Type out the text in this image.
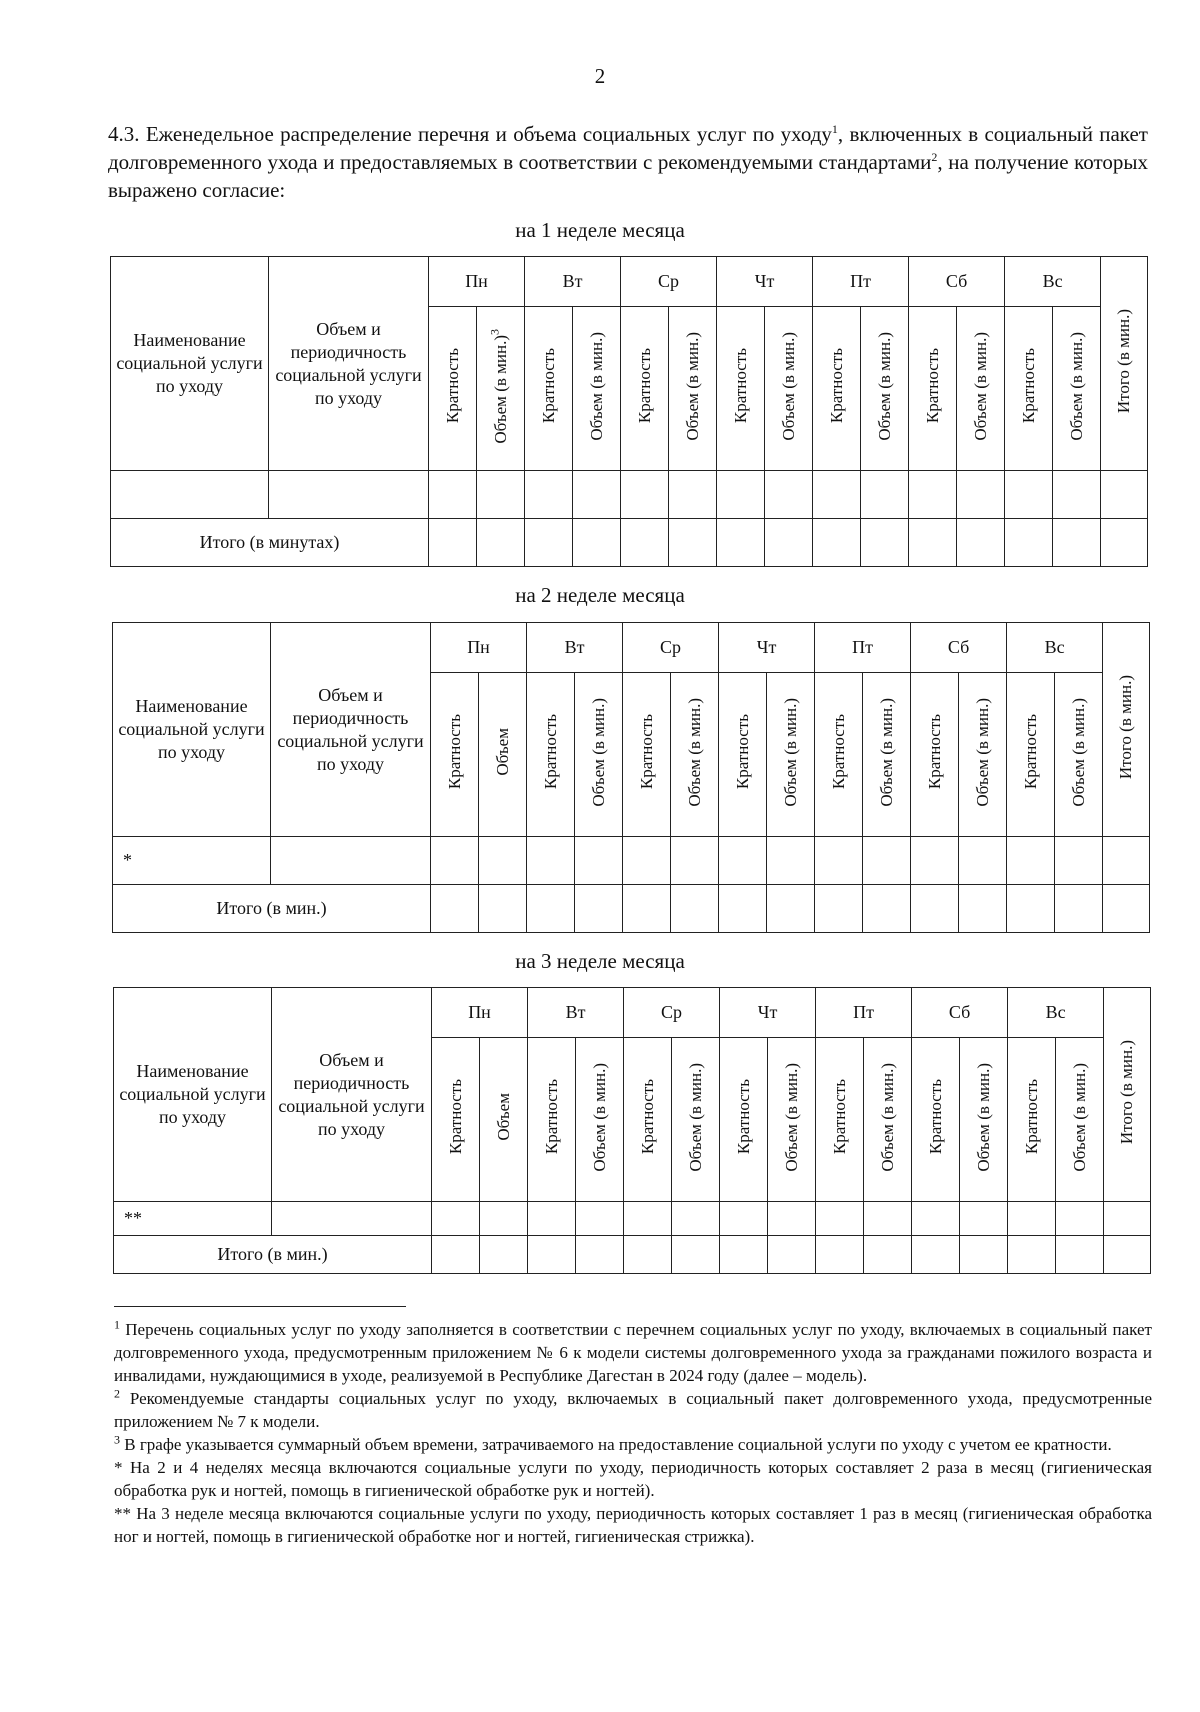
2
4.3. Еженедельное распределение перечня и объема социальных услуг по уходу$^1$, включенных в социальный пакет долговременного ухода и предоставляемых в соответствии с рекомендуемыми стандартами$^2$, на получение которых выражено согласие:
на 1 неделе месяца
Наименование социальной услуги по уходу	Объем и периодичность социальной услуги по уходу	Пн		Вт		Ср		Чт		Пт		Сб		Вс		Итого (в мин.)
		Кратность	Объем (в мин.)$^3$	Кратность	Объем (в мин.)	Кратность	Объем (в мин.)	Кратность	Объем (в мин.)	Кратность	Объем (в мин.)	Кратность	Объем (в мин.)	Кратность	Объем (в мин.)	

Итого (в минутах)																
на 2 неделе месяца
Наименование социальной услуги по уходу	Объем и периодичность социальной услуги по уходу	Пн		Вт		Ср		Чт		Пт		Сб		Вс		Итого (в мин.)
		Кратность	Объем	Кратность	Объем (в мин.)	Кратность	Объем (в мин.)	Кратность	Объем (в мин.)	Кратность	Объем (в мин.)	Кратность	Объем (в мин.)	Кратность	Объем (в мин.)	
*																
Итого (в мин.)																
на 3 неделе месяца
Наименование социальной услуги по уходу	Объем и периодичность социальной услуги по уходу	Пн		Вт		Ср		Чт		Пт		Сб		Вс		Итого (в мин.)
		Кратность	Объем	Кратность	Объем (в мин.)	Кратность	Объем (в мин.)	Кратность	Объем (в мин.)	Кратность	Объем (в мин.)	Кратность	Объем (в мин.)	Кратность	Объем (в мин.)	
**																
Итого (в мин.)																

$^1$ Перечень социальных услуг по уходу заполняется в соответствии с перечнем социальных услуг по уходу, включаемых в социальный пакет долговременного ухода, предусмотренным приложением № 6 к модели системы долговременного ухода за гражданами пожилого возраста и инвалидами, нуждающимися в уходе, реализуемой в Республике Дагестан в 2024 году (далее – модель).

$^2$ Рекомендуемые стандарты социальных услуг по уходу, включаемых в социальный пакет долговременного ухода, предусмотренные приложением № 7 к модели.

$^3$ В графе указывается суммарный объем времени, затрачиваемого на предоставление социальной услуги по уходу с учетом ее кратности.

* На 2 и 4 неделях месяца включаются социальные услуги по уходу, периодичность которых составляет 2 раза в месяц (гигиеническая обработка рук и ногтей, помощь в гигиенической обработке рук и ногтей).

** На 3 неделе месяца включаются социальные услуги по уходу, периодичность которых составляет 1 раз в месяц (гигиеническая обработка ног и ногтей, помощь в гигиенической обработке ног и ногтей, гигиеническая стрижка).
